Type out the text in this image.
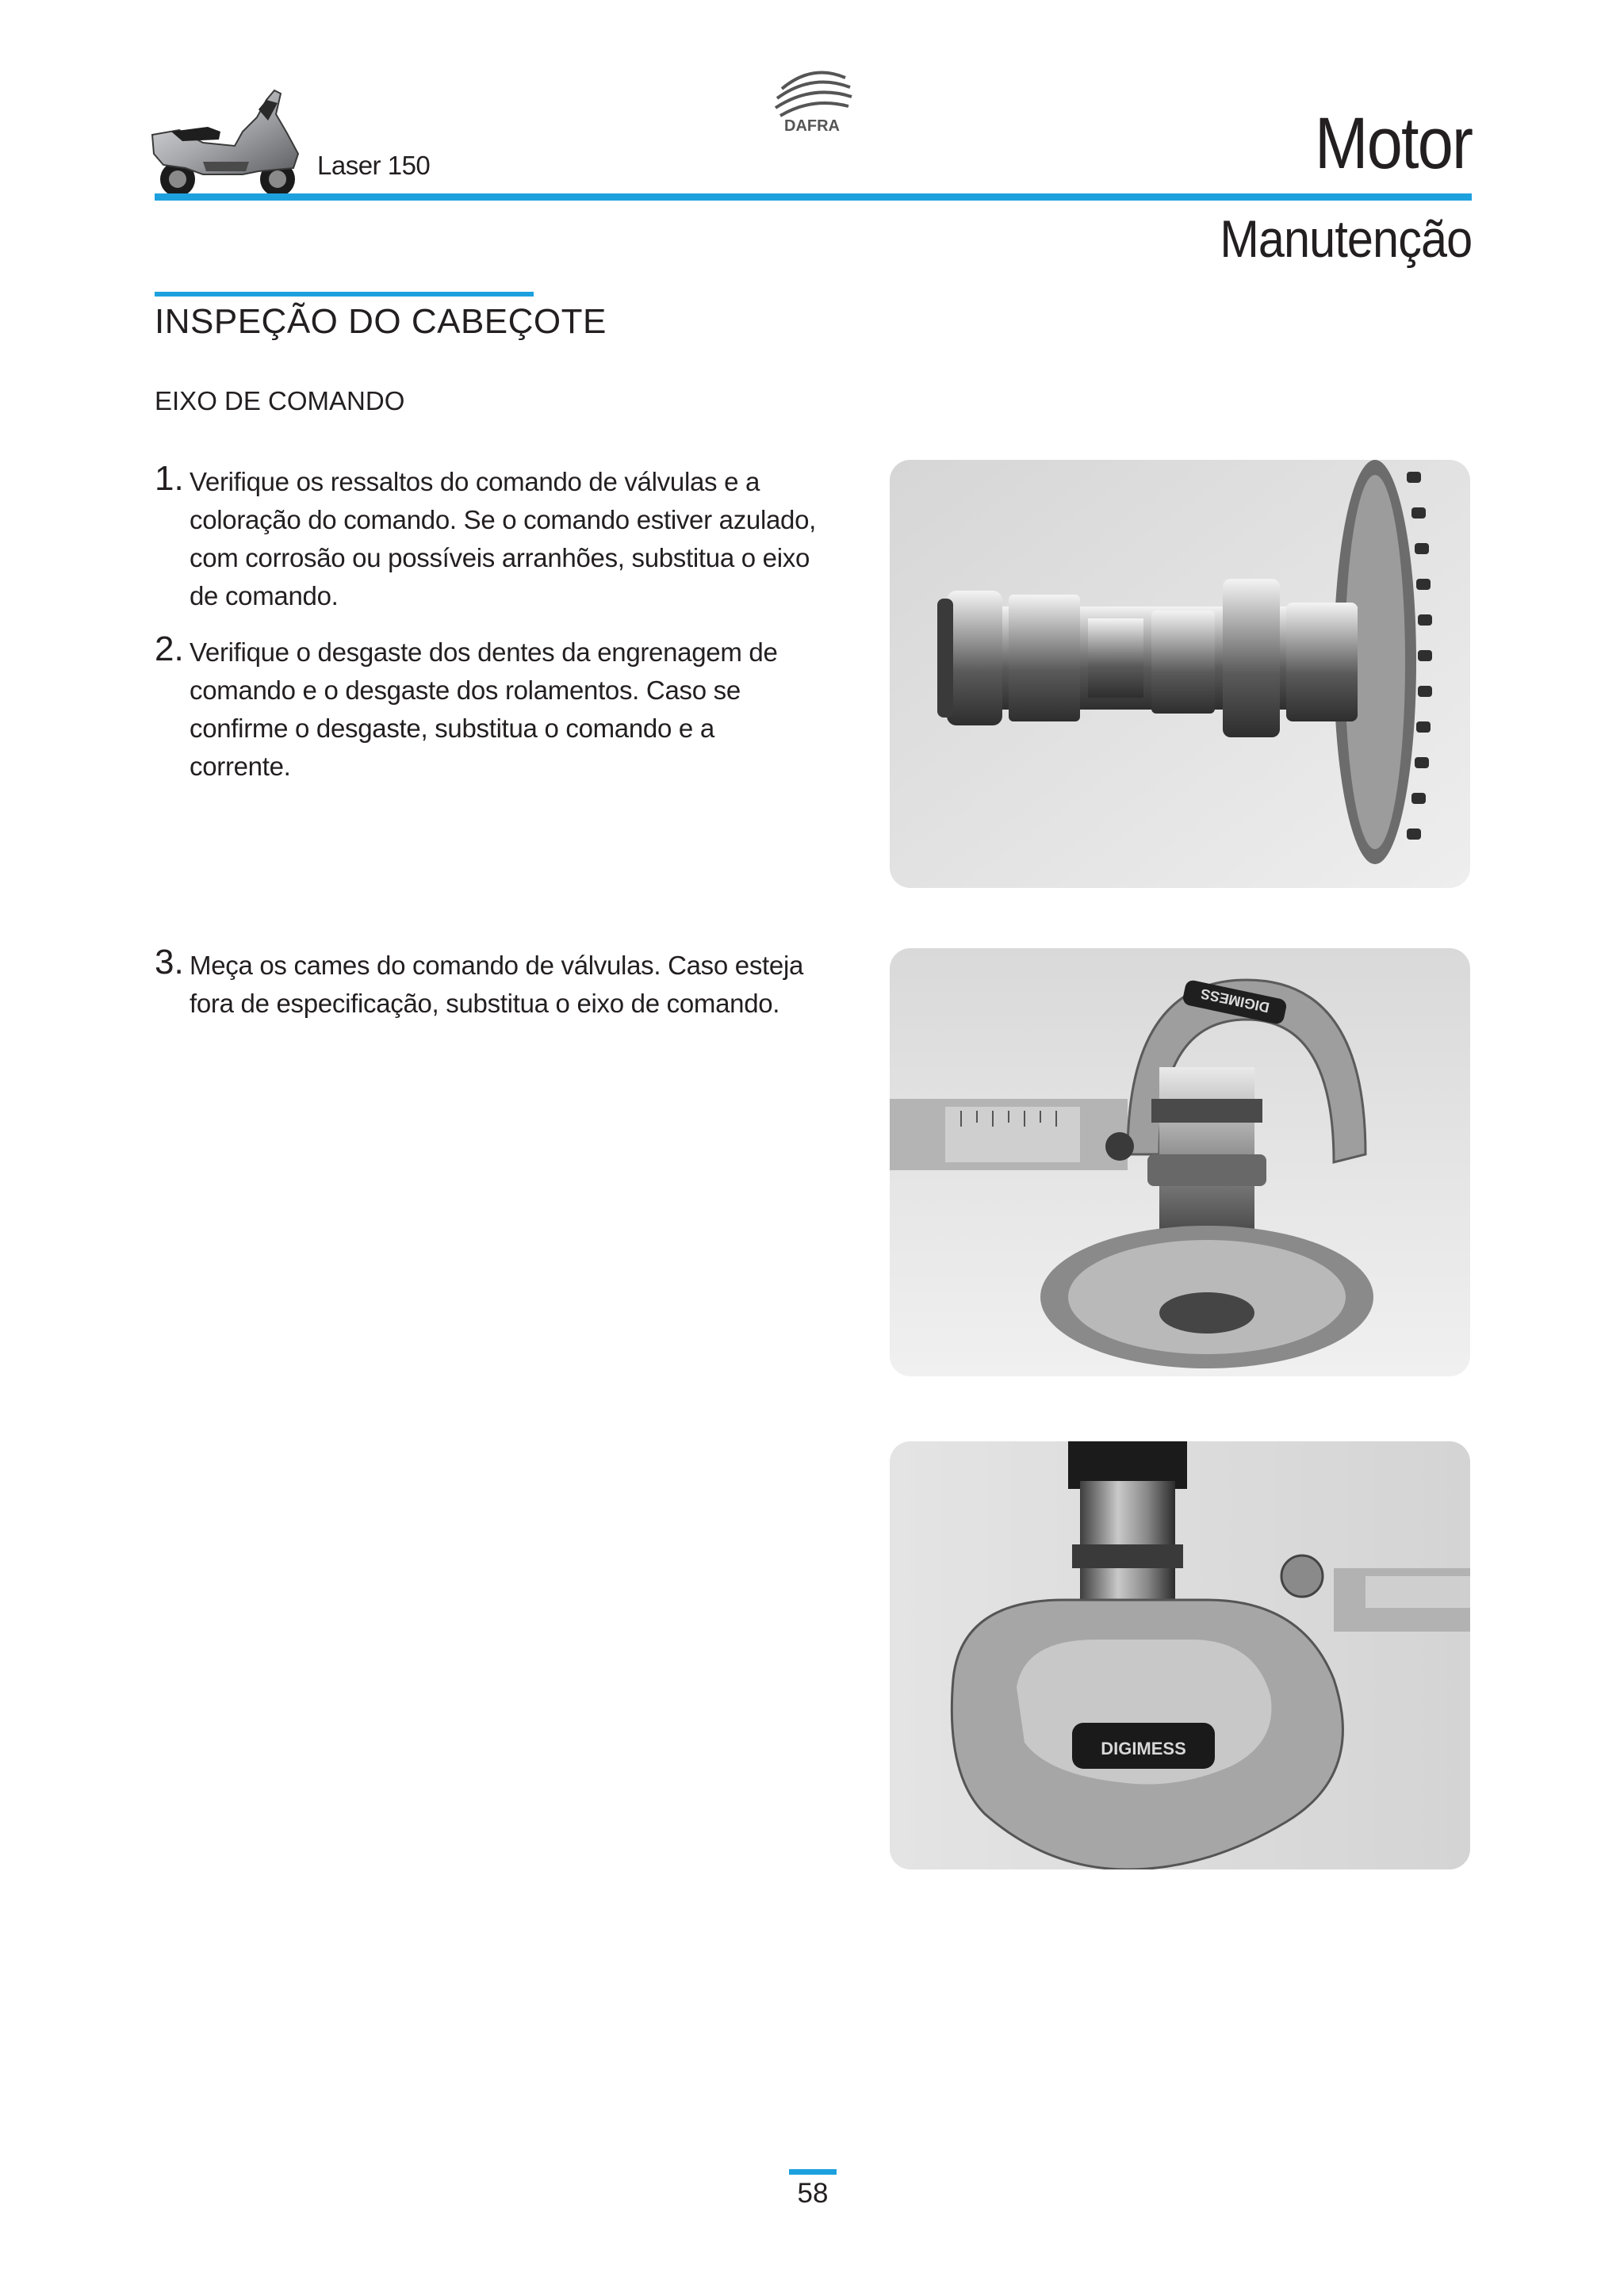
Laser 150
DAFRA	Motor
Manutenção
INSPEÇÃO DO CABEÇOTE
EIXO DE COMANDO
1. Verifique os ressaltos do comando de válvulas e a coloração do comando. Se o comando estiver azulado, com corrosão ou possíveis arranhões, substitua o eixo de comando.
2. Verifique o desgaste dos dentes da engrenagem de comando e o desgaste dos rolamentos. Caso se confirme o desgaste, substitua o comando e a corrente.
3. Meça os cames do comando de válvulas. Caso esteja fora de especificação, substitua o eixo de comando.	DIGIMESS
DIGIMESS
58
